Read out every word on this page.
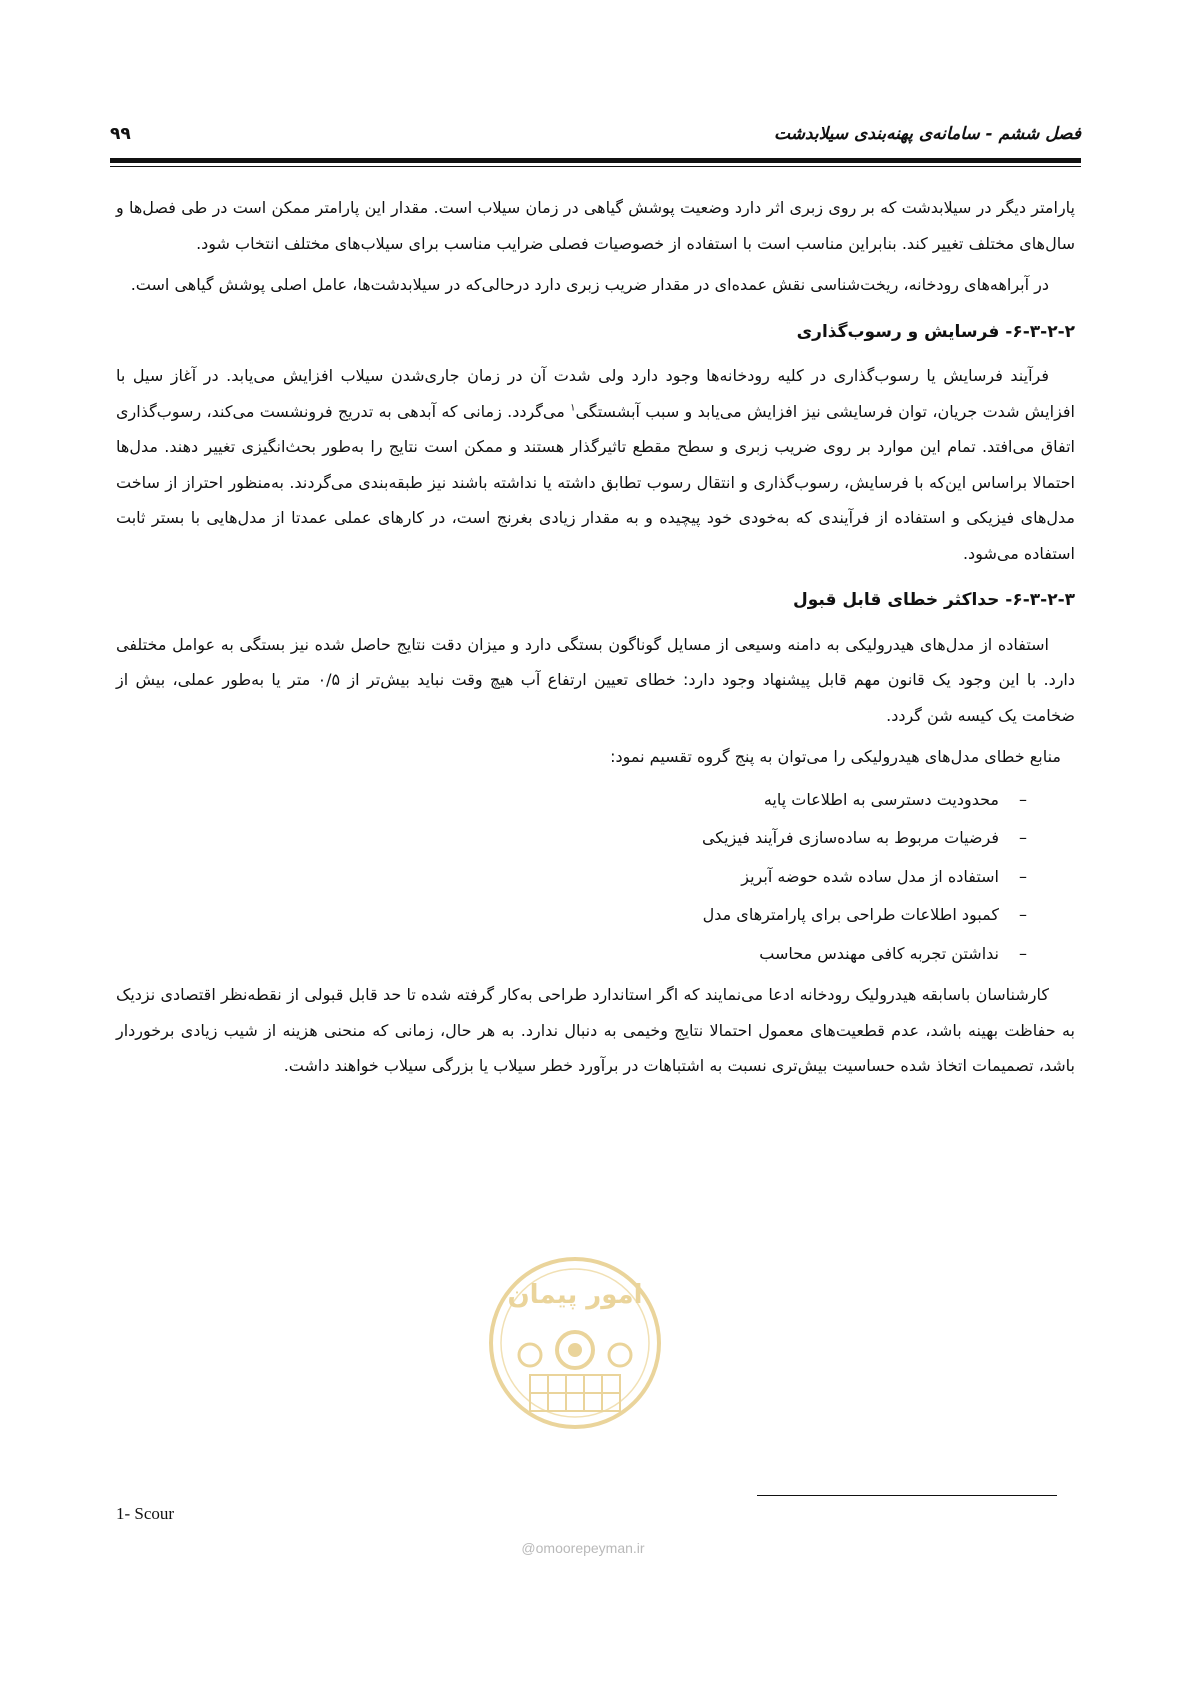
فصل ششم - سامانه‌ی پهنه‌بندی سیلابدشت
۹۹

پارامتر دیگر در سیلابدشت که بر روی زبری اثر دارد وضعیت پوشش گیاهی در زمان سیلاب است. مقدار این پارامتر ممکن است در طی فصل‌ها و سال‌های مختلف تغییر کند. بنابراین مناسب است با استفاده از خصوصیات فصلی ضرایب مناسب برای سیلاب‌های مختلف انتخاب شود.

در آبراهه‌های رودخانه، ریخت‌شناسی نقش عمده‌ای در مقدار ضریب زبری دارد درحالی‌که در سیلابدشت‌ها، عامل اصلی پوشش گیاهی است.

۶-۳-۲-۲- فرسایش و رسوب‌گذاری

فرآیند فرسایش یا رسوب‌گذاری در کلیه رودخانه‌ها وجود دارد ولی شدت آن در زمان جاری‌شدن سیلاب افزایش می‌یابد. در آغاز سیل با افزایش شدت جریان، توان فرسایشی نیز افزایش می‌یابد و سبب آبشستگی$^۱$ می‌گردد. زمانی که آبدهی به تدریج فرونشست می‌کند، رسوب‌گذاری اتفاق می‌افتد. تمام این موارد بر روی ضریب زبری و سطح مقطع تاثیرگذار هستند و ممکن است نتایج را به‌طور بحث‌انگیزی تغییر دهند. مدل‌ها احتمالا براساس این‌که با فرسایش، رسوب‌گذاری و انتقال رسوب تطابق داشته یا نداشته باشند نیز طبقه‌بندی می‌گردند. به‌منظور احتراز از ساخت مدل‌های فیزیکی و استفاده از فرآیندی که به‌خودی خود پیچیده و به مقدار زیادی بغرنج است، در کارهای عملی عمدتا از مدل‌هایی با بستر ثابت استفاده می‌شود.

۶-۳-۲-۳- حداکثر خطای قابل قبول

استفاده از مدل‌های هیدرولیکی به دامنه وسیعی از مسایل گوناگون بستگی دارد و میزان دقت نتایج حاصل شده نیز بستگی به عوامل مختلفی دارد. با این وجود یک قانون مهم قابل پیشنهاد وجود دارد: خطای تعیین ارتفاع آب هیچ وقت نباید بیش‌تر از ۰/۵ متر یا به‌طور عملی، بیش از ضخامت یک کیسه شن گردد.

منابع خطای مدل‌های هیدرولیکی را می‌توان به پنج گروه تقسیم نمود:

–محدودیت دسترسی به اطلاعات پایه
–فرضیات مربوط به ساده‌سازی فرآیند فیزیکی
–استفاده از مدل ساده شده حوضه آبریز
–کمبود اطلاعات طراحی برای پارامترهای مدل
–نداشتن تجربه کافی مهندس محاسب

کارشناسان باسابقه هیدرولیک رودخانه ادعا می‌نمایند که اگر استاندارد طراحی به‌کار گرفته شده تا حد قابل قبولی از نقطه‌نظر اقتصادی نزدیک به حفاظت بهینه باشد، عدم قطعیت‌های معمول احتمالا نتایج وخیمی به دنبال ندارد. به هر حال، زمانی که منحنی هزینه از شیب زیادی برخوردار باشد، تصمیمات اتخاذ شده حساسیت بیش‌تری نسبت به اشتباهات در برآورد خطر سیلاب یا بزرگی سیلاب خواهند داشت.

امور پیمان
@omoorepeyman.ir
1- Scour
